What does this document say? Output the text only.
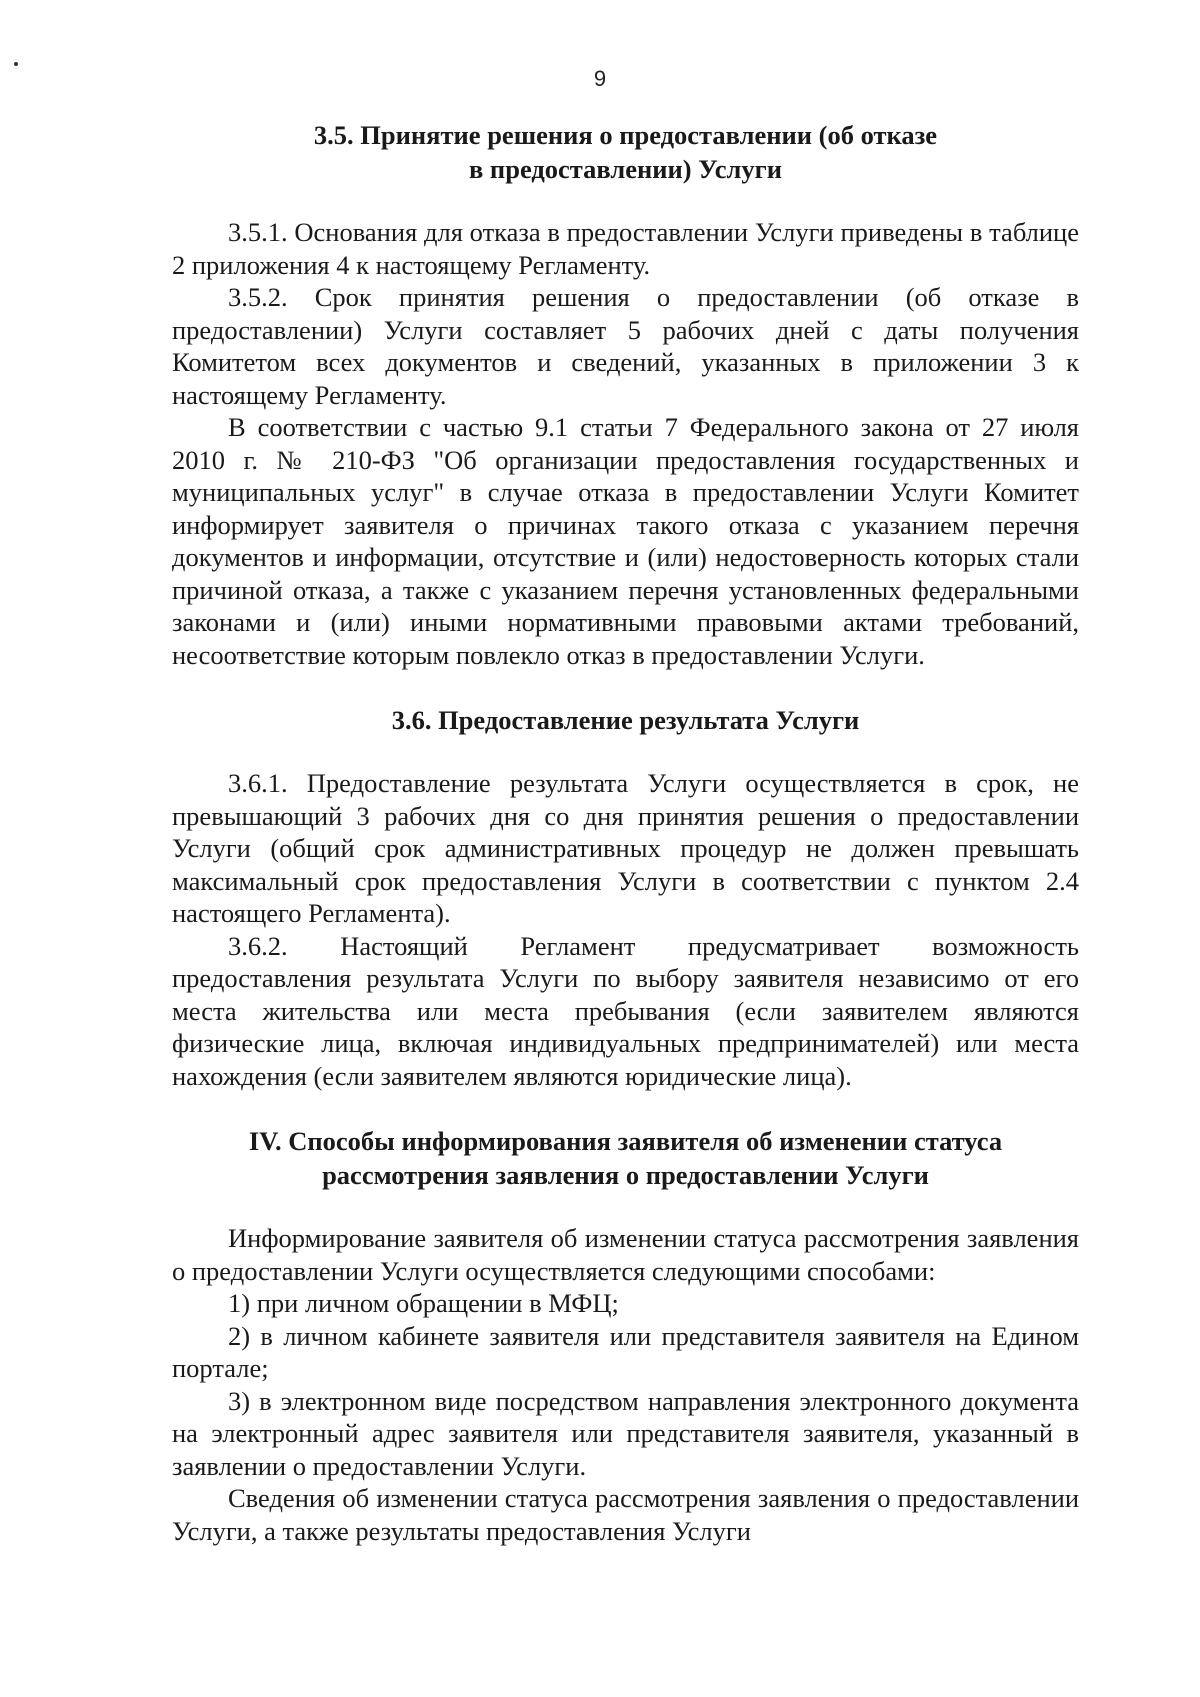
9
3.5. Принятие решения о предоставлении (об отказе
в предоставлении) Услуги

3.5.1. Основания для отказа в предоставлении Услуги приведены в таблице 2 приложения 4 к настоящему Регламенту.

3.5.2. Срок принятия решения о предоставлении (об отказе в предоставлении) Услуги составляет 5 рабочих дней с даты получения Комитетом всех документов и сведений, указанных в приложении 3 к настоящему Регламенту.

В соответствии с частью 9.1 статьи 7 Федерального закона от 27 июля 2010 г. № 210-ФЗ "Об организации предоставления государственных и муниципальных услуг" в случае отказа в предоставлении Услуги Комитет информирует заявителя о причинах такого отказа с указанием перечня документов и информации, отсутствие и (или) недостоверность которых стали причиной отказа, а также с указанием перечня установленных федеральными законами и (или) иными нормативными правовыми актами требований, несоответствие которым повлекло отказ в предоставлении Услуги.

3.6. Предоставление результата Услуги

3.6.1. Предоставление результата Услуги осуществляется в срок, не превышающий 3 рабочих дня со дня принятия решения о предоставлении Услуги (общий срок административных процедур не должен превышать максимальный срок предоставления Услуги в соответствии с пунктом 2.4 настоящего Регламента).

3.6.2. Настоящий Регламент предусматривает возможность предоставления результата Услуги по выбору заявителя независимо от его места жительства или места пребывания (если заявителем являются физические лица, включая индивидуальных предпринимателей) или места нахождения (если заявителем являются юридические лица).

IV. Способы информирования заявителя об изменении статуса
рассмотрения заявления о предоставлении Услуги

Информирование заявителя об изменении статуса рассмотрения заявления о предоставлении Услуги осуществляется следующими способами:

1) при личном обращении в МФЦ;

2) в личном кабинете заявителя или представителя заявителя на Едином портале;

3) в электронном виде посредством направления электронного документа на электронный адрес заявителя или представителя заявителя, указанный в заявлении о предоставлении Услуги.

Сведения об изменении статуса рассмотрения заявления о предоставлении Услуги, а также результаты предоставления Услуги
